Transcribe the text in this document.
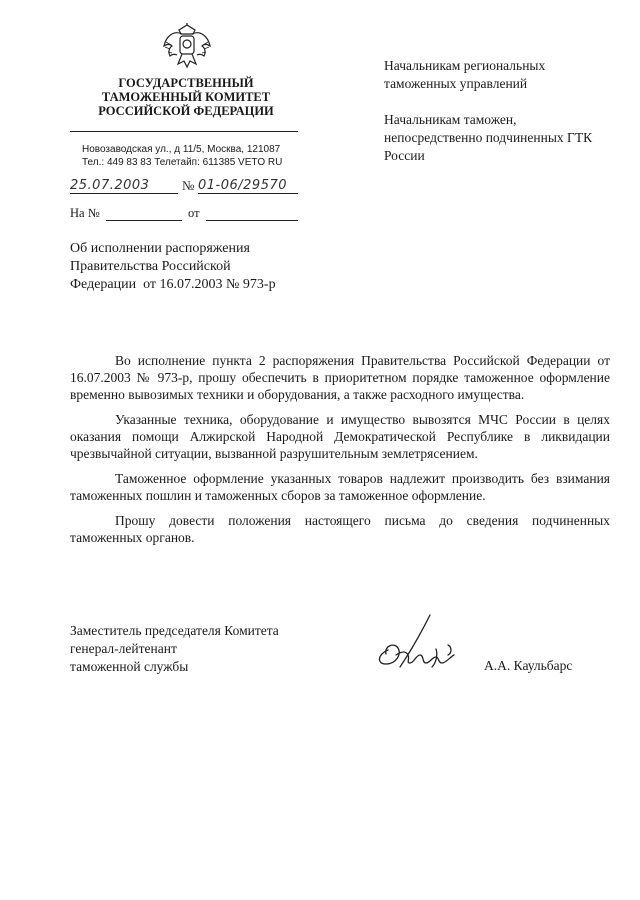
ГОСУДАРСТВЕННЫЙ
ТАМОЖЕННЫЙ КОМИТЕТ
РОССИЙСКОЙ ФЕДЕРАЦИИ
Новозаводская ул., д 11/5, Москва, 121087
Тел.: 449 83 83 Телетайп: 611385 VETO RU
25.07.2003	№ 01-06/29570
На №	от

Начальникам региональных таможенных управлений

Начальникам таможен, непосредственно подчиненных ГТК России

Об исполнении распоряжения
Правительства Российской
Федерации  от 16.07.2003 № 973-р

Во исполнение пункта 2 распоряжения Правительства Российской Федерации от 16.07.2003 № 973-р, прошу обеспечить в приоритетном порядке таможенное оформление временно вывозимых техники и оборудования, а также расходного имущества.

Указанные техника, оборудование и имущество вывозятся МЧС России в целях оказания помощи Алжирской Народной Демократической Республике в ликвидации чрезвычайной ситуации, вызванной разрушительным землетрясением.

Таможенное оформление указанных товаров надлежит производить без взимания таможенных пошлин и таможенных сборов за таможенное оформление.

Прошу довести положения настоящего письма до сведения подчиненных таможенных органов.

Заместитель председателя Комитета
генерал-лейтенант
таможенной службы	А.А. Каульбарс
